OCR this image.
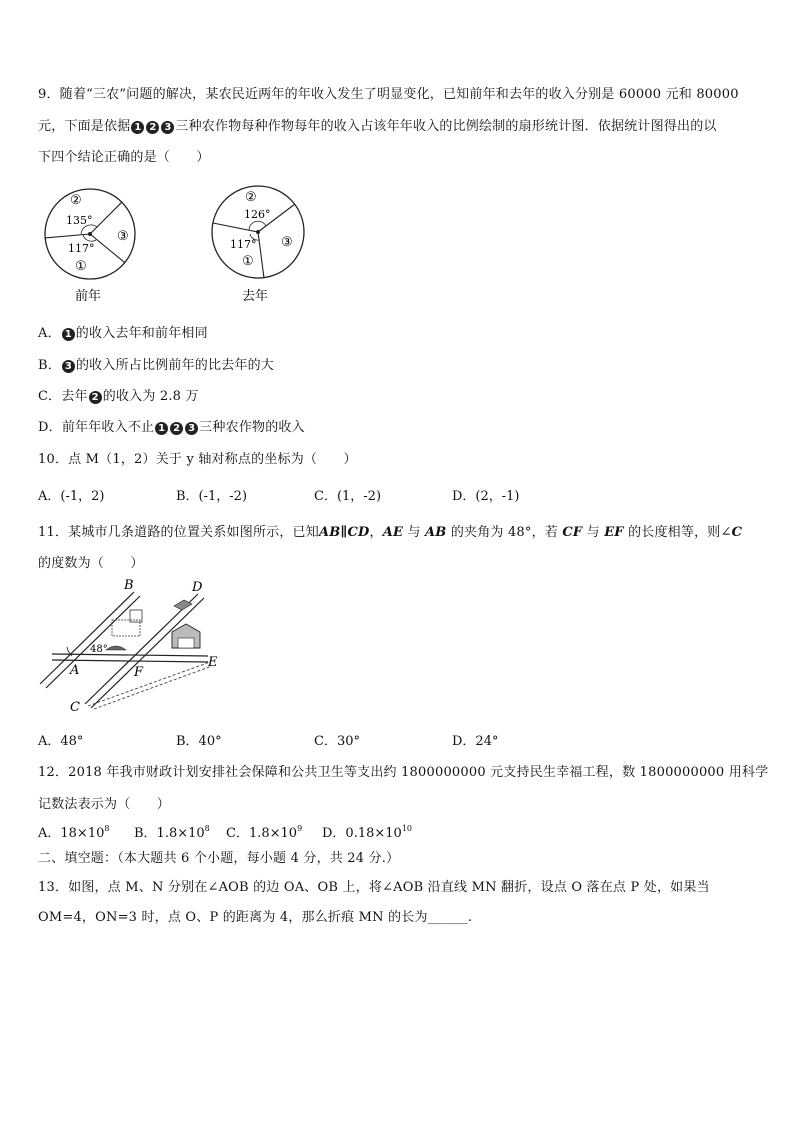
9．随着“三农”问题的解决，某农民近两年的年收入发生了明显变化，已知前年和去年的收入分别是 60000 元和 80000
元，下面是依据 1 2 3 三种农作物每种作物每年的收入占该年年收入的比例绘制的扇形统计图．依据统计图得出的以
下四个结论正确的是（　　）
②
135°
117°
①
③
前年
②
126°
117°
①
③
去年
A． 1 的收入去年和前年相同
B． 3 的收入所占比例前年的比去年的大
C．去年 2 的收入为 2.8 万
D．前年年收入不止 1 2 3 三种农作物的收入
10．点 M（1，2）关于 y 轴对称点的坐标为（　　）
A．(-1，2)	B．(-1，-2)	C．(1，-2)	D．(2，-1)
11．某城市几条道路的位置关系如图所示，已知AB∥CD，AE 与 AB 的夹角为 48°，若 CF 与 EF 的长度相等，则∠C
的度数为（　　）
B	D
48°
A	F
E
C
A．48°	B．40°	C．30°	D．24°
12．2018 年我市财政计划安排社会保障和公共卫生等支出约 1800000000 元支持民生幸福工程，数 1800000000 用科学
记数法表示为（　　）
A．$18\times 10^8$ B．$1.8\times 10^8$ C．$1.8\times 10^9$ D．$0.18\times 10^{10}$
二、填空题：（本大题共 6 个小题，每小题 4 分，共 24 分.）
13．如图，点 M、N 分别在∠AOB 的边 OA、OB 上，将∠AOB 沿直线 MN 翻折，设点 O 落在点 P 处，如果当
OM=4，ON=3 时，点 O、P 的距离为 4，那么折痕 MN 的长为______.
